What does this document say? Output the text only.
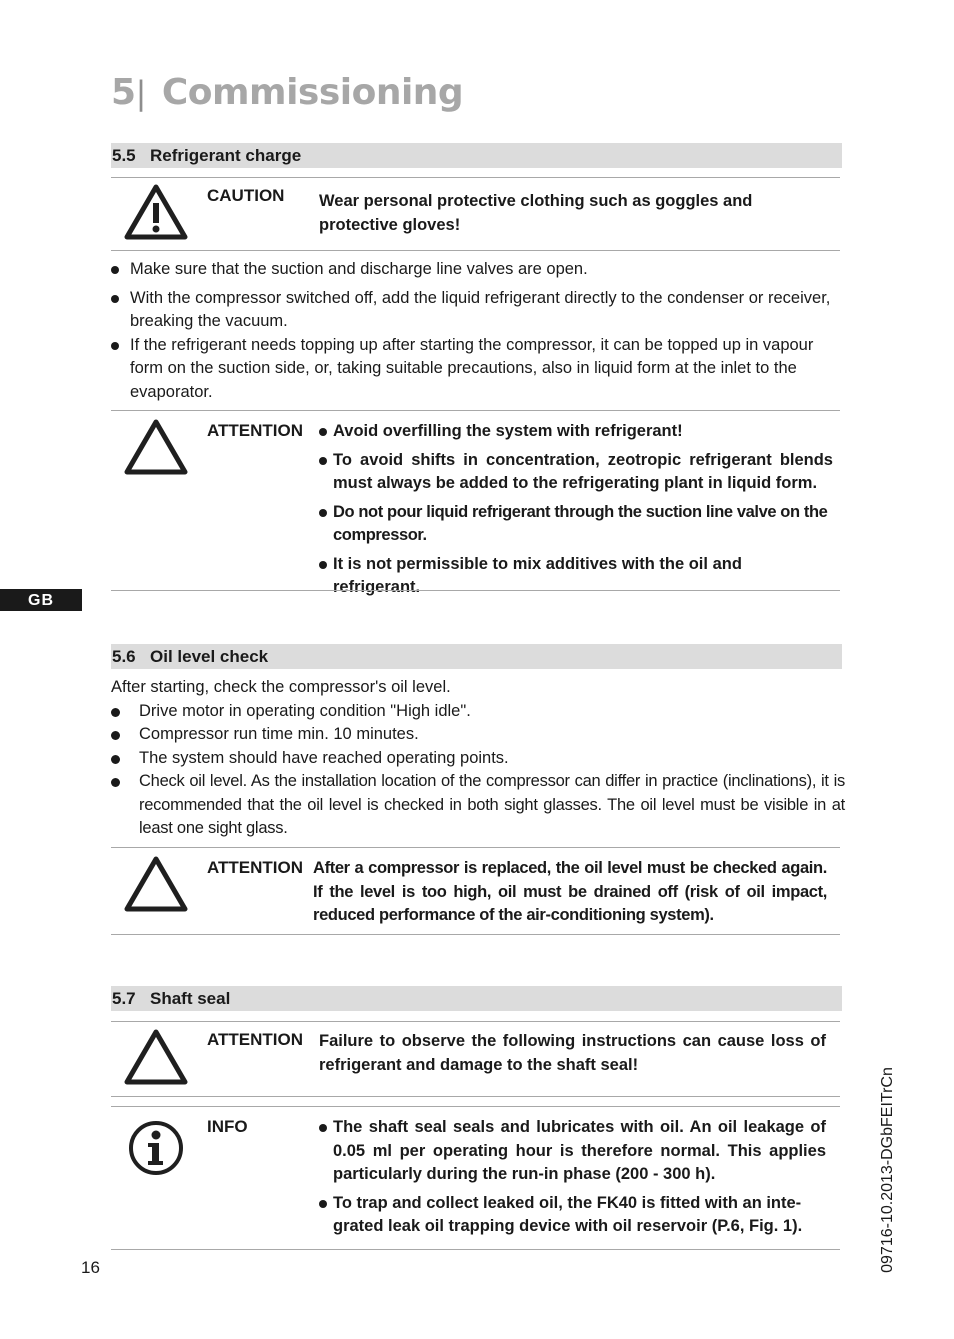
5| Commissioning
5.5 Refrigerant charge
CAUTION Wear personal protective clothing such as goggles and protective gloves!
Make sure that the suction and discharge line valves are open.
With the compressor switched off, add the liquid refrigerant directly to the condenser or receiver, breaking the vacuum.
If the refrigerant needs topping up after starting the compressor, it can be topped up in vapour form on the suction side, or, taking suitable precautions, also in liquid form at the inlet to the evaporator.
ATTENTION	Avoid overfilling the system with refrigerant!
To avoid shifts in concentration, zeotropic refrigerant blends must always be added to the refrigerating plant in liquid form.
Do not pour liquid refrigerant through the suction line valve on the compressor.
It is not permissible to mix additives with the oil and refrigerant.
GB
5.6 Oil level check
After starting, check the compressor's oil level.
Drive motor in operating condition "High idle".
Compressor run time min. 10 minutes.
The system should have reached operating points.
Check oil level. As the installation location of the compressor can differ in practice (inclinations), it is recommended that the oil level is checked in both sight glasses. The oil level must be visible in at least one sight glass.
ATTENTION After a compressor is replaced, the oil level must be checked again. If the level is too high, oil must be drained off (risk of oil impact, reduced performance of the air-conditioning system).
5.7 Shaft seal
ATTENTION Failure to observe the following instructions can cause loss of refrigerant and damage to the shaft seal!
INFO	The shaft seal seals and lubricates with oil. An oil leakage of 0.05 ml per operating hour is therefore normal. This applies particularly during the run-in phase (200 - 300 h).
To trap and collect leaked oil, the FK40 is fitted with an inte- grated leak oil trapping device with oil reservoir (P.6, Fig. 1).
16	09716-10.2013-DGbFEITrCn
